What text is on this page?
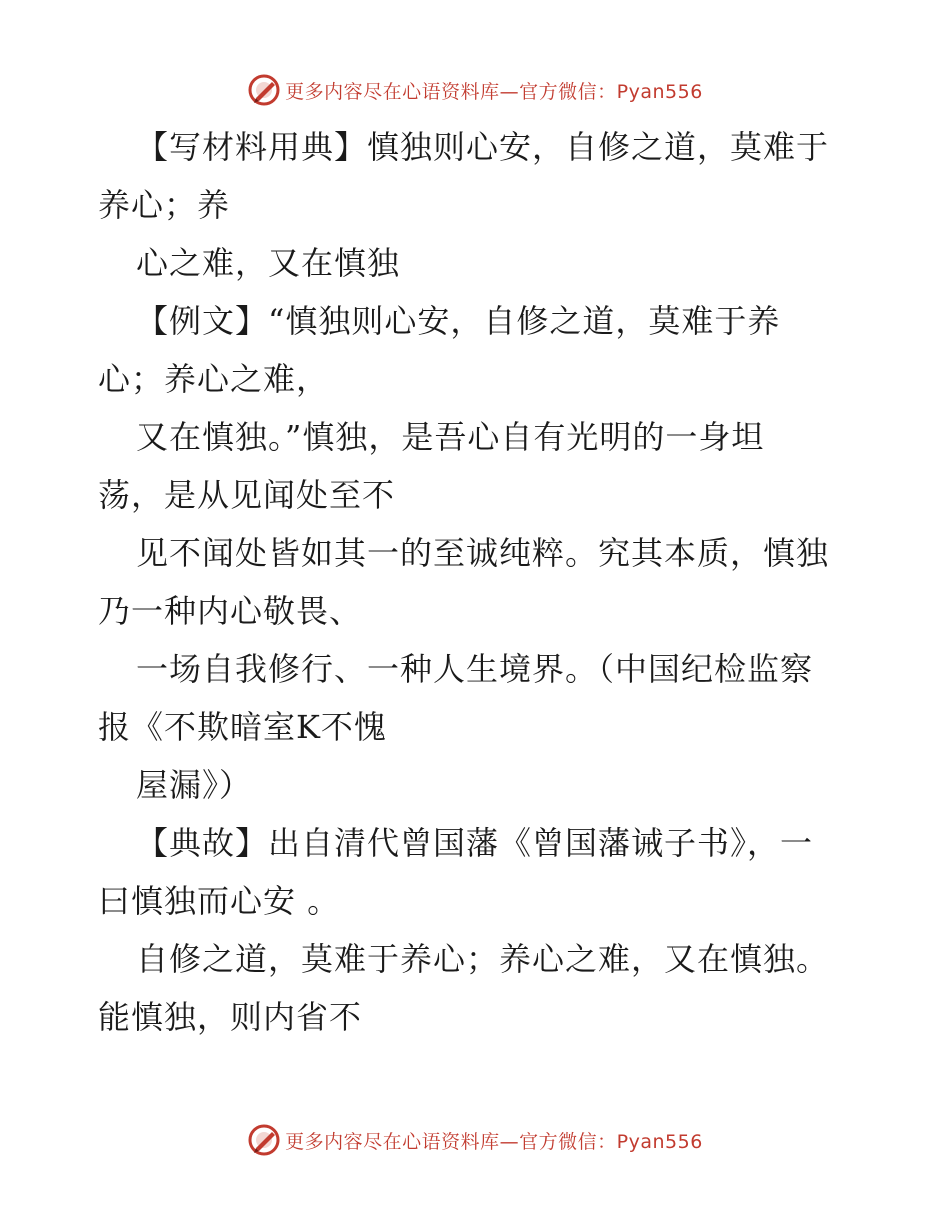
更多内容尽在心语资料库—官方微信：Pyan556
【写材料用典】慎独则心安，自修之道，莫难于
养心；养
心之难，又在慎独
【例文】“慎独则心安，自修之道，莫难于养
心；养心之难，
又在慎独。”慎独，是吾心自有光明的一身坦
荡，是从见闻处至不
见不闻处皆如其一的至诚纯粹。究其本质，慎独
乃一种内心敬畏、
一场自我修行、一种人生境界。（中国纪检监察
报《不欺暗室K不愧
屋漏》）
【典故】出自清代曾国藩《曾国藩诫子书》，一
曰慎独而心安 。
自修之道，莫难于养心；养心之难，又在慎独。
能慎独，则内省不
更多内容尽在心语资料库—官方微信：Pyan556
